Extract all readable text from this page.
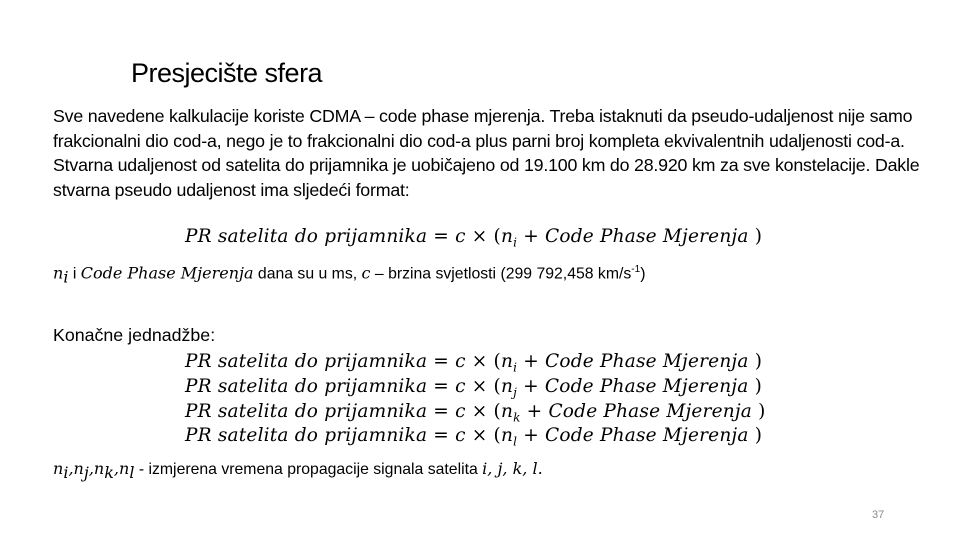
Presjecište sfera

Sve navedene kalkulacije koriste CDMA – code phase mjerenja. Treba istaknuti da pseudo-udaljenost nije samo frakcionalni dio cod-a, nego je to frakcionalni dio cod-a plus parni broj kompleta ekvivalentnih udaljenosti cod-a. Stvarna udaljenost od satelita do prijamnika je uobičajeno od 19.100 km do 28.920 km za sve konstelacije. Dakle stvarna pseudo udaljenost ima sljedeći format:

PR satelita do prijamnika = $c \times (n_i$ + Code Phase Mjerenja )
$n_i$ i Code Phase Mjerenja dana su u ms, c – brzina svjetlosti (299 792,458 $km/s^{-1}$)
Konačne jednadžbe:
PR satelita do prijamnika = $c \times (n_i$ + Code Phase Mjerenja )
PR satelita do prijamnika = $c \times (n_j$ + Code Phase Mjerenja )
PR satelita do prijamnika = $c \times (n_k$ + Code Phase Mjerenja )
PR satelita do prijamnika = $c \times (n_l$ + Code Phase Mjerenja )
$n_i,n_j,n_k,n_l$ - izmjerena vremena propagacije signala satelita i, j, k, l.
37
